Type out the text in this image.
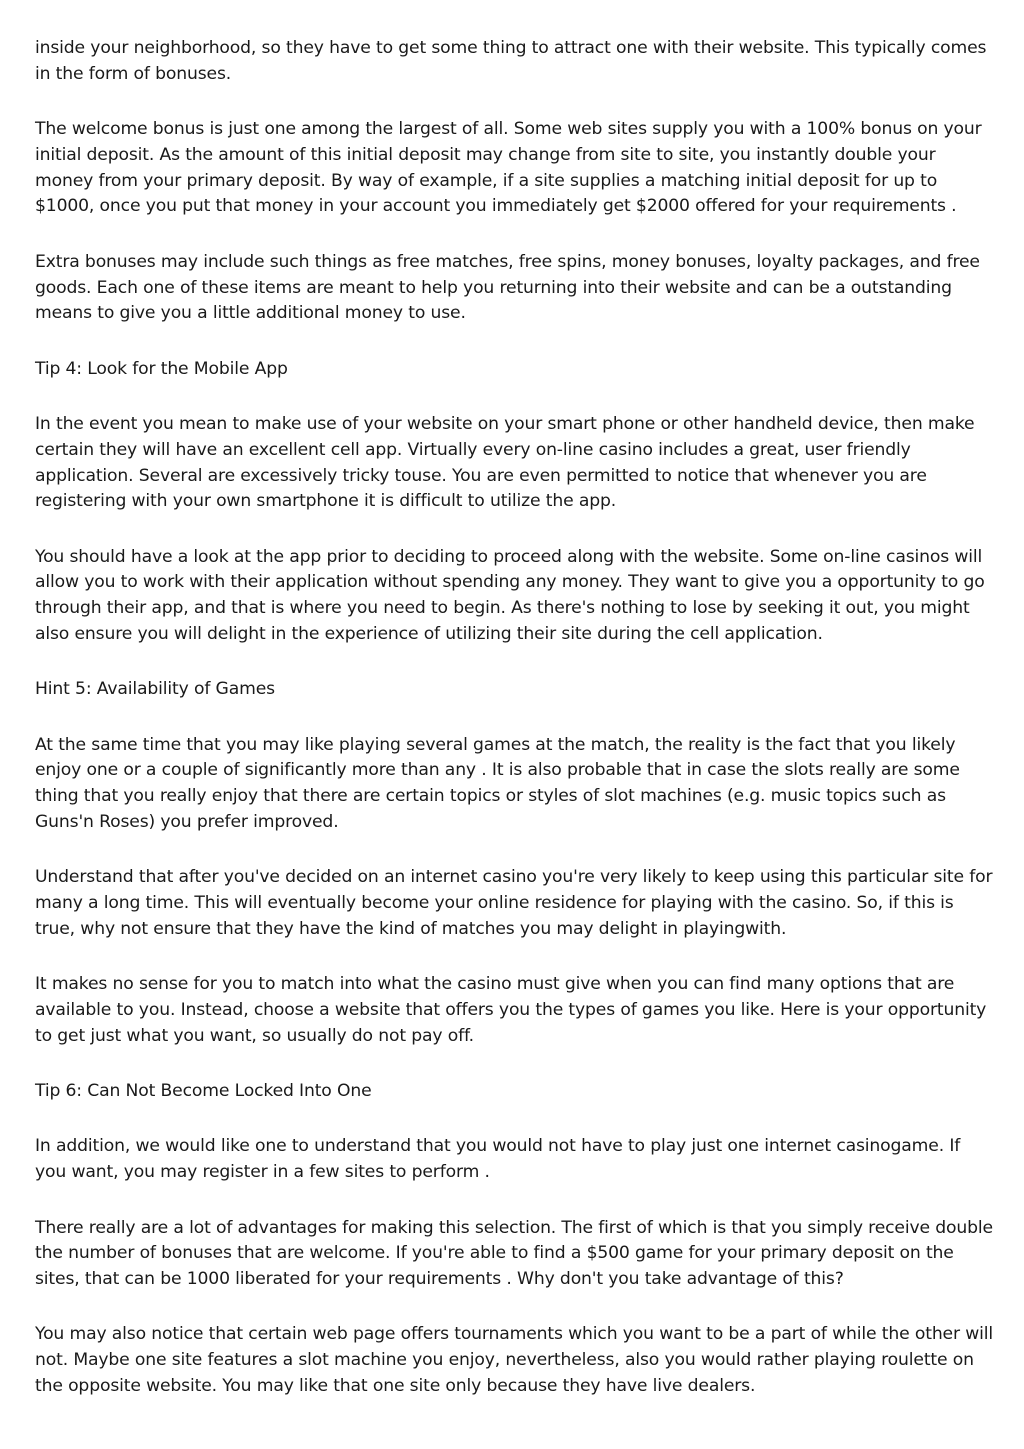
inside your neighborhood, so they have to get some thing to attract one with their website. This typically comes in the form of bonuses.

The welcome bonus is just one among the largest of all. Some web sites supply you with a 100% bonus on your initial deposit. As the amount of this initial deposit may change from site to site, you instantly double your money from your primary deposit. By way of example, if a site supplies a matching initial deposit for up to $1000, once you put that money in your account you immediately get $2000 offered for your requirements .

Extra bonuses may include such things as free matches, free spins, money bonuses, loyalty packages, and free goods. Each one of these items are meant to help you returning into their website and can be a outstanding means to give you a little additional money to use.

Tip 4: Look for the Mobile App

In the event you mean to make use of your website on your smart phone or other handheld device, then make certain they will have an excellent cell app. Virtually every on-line casino includes a great, user friendly application. Several are excessively tricky touse. You are even permitted to notice that whenever you are registering with your own smartphone it is difficult to utilize the app.

You should have a look at the app prior to deciding to proceed along with the website. Some on-line casinos will allow you to work with their application without spending any money. They want to give you a opportunity to go through their app, and that is where you need to begin. As there's nothing to lose by seeking it out, you might also ensure you will delight in the experience of utilizing their site during the cell application.

Hint 5: Availability of Games

At the same time that you may like playing several games at the match, the reality is the fact that you likely enjoy one or a couple of significantly more than any . It is also probable that in case the slots really are some thing that you really enjoy that there are certain topics or styles of slot machines (e.g. music topics such as Guns'n Roses) you prefer improved.

Understand that after you've decided on an internet casino you're very likely to keep using this particular site for many a long time. This will eventually become your online residence for playing with the casino. So, if this is true, why not ensure that they have the kind of matches you may delight in playingwith.

It makes no sense for you to match into what the casino must give when you can find many options that are available to you. Instead, choose a website that offers you the types of games you like. Here is your opportunity to get just what you want, so usually do not pay off.

Tip 6: Can Not Become Locked Into One

In addition, we would like one to understand that you would not have to play just one internet casinogame. If you want, you may register in a few sites to perform .

There really are a lot of advantages for making this selection. The first of which is that you simply receive double the number of bonuses that are welcome. If you're able to find a $500 game for your primary deposit on the sites, that can be 1000 liberated for your requirements . Why don't you take advantage of this?

You may also notice that certain web page offers tournaments which you want to be a part of while the other will not. Maybe one site features a slot machine you enjoy, nevertheless, also you would rather playing roulette on the opposite website. You may like that one site only because they have live dealers.
